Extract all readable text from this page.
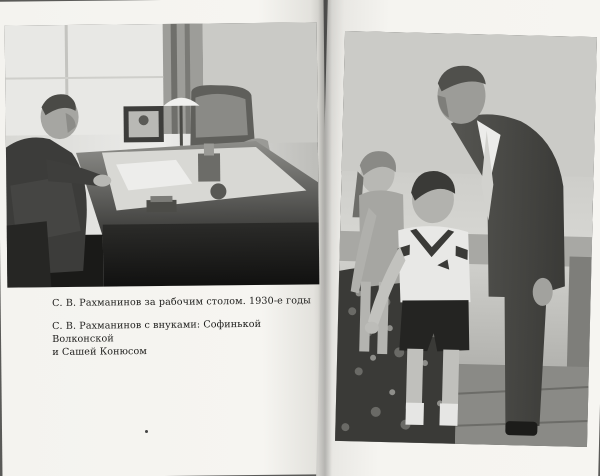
С. В. Рахманинов за рабочим столом. 1930-е годы
С. В. Рахманинов с внуками: Софинькой Волконской
и Сашей Конюсом
